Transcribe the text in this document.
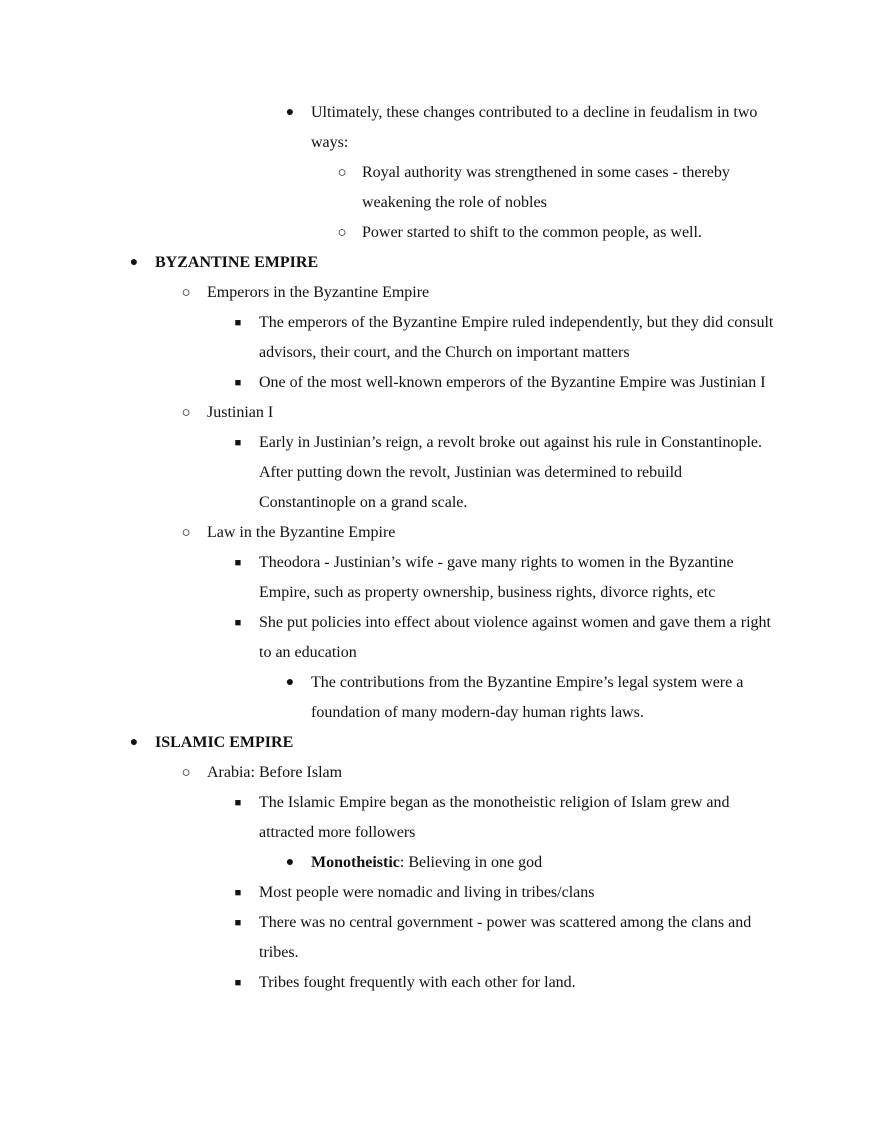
●	Ultimately, these changes contributed to a decline in feudalism in two ways:
○ Royal authority was strengthened in some cases - thereby weakening the role of nobles
○ Power started to shift to the common people, as well.
●	BYZANTINE EMPIRE
○	Emperors in the Byzantine Empire
■	The emperors of the Byzantine Empire ruled independently, but they did consult advisors, their court, and the Church on important matters
■	One of the most well-known emperors of the Byzantine Empire was Justinian I
○	Justinian I
■	Early in Justinian’s reign, a revolt broke out against his rule in Constantinople. After putting down the revolt, Justinian was determined to rebuild Constantinople on a grand scale.
○	Law in the Byzantine Empire
■	Theodora - Justinian’s wife - gave many rights to women in the Byzantine Empire, such as property ownership, business rights, divorce rights, etc
■	She put policies into effect about violence against women and gave them a right to an education
●	The contributions from the Byzantine Empire’s legal system were a foundation of many modern-day human rights laws.
●	ISLAMIC EMPIRE
○	Arabia: Before Islam
■	The Islamic Empire began as the monotheistic religion of Islam grew and attracted more followers
●	Monotheistic: Believing in one god
■	Most people were nomadic and living in tribes/clans
■	There was no central government - power was scattered among the clans and tribes.
■	Tribes fought frequently with each other for land.
